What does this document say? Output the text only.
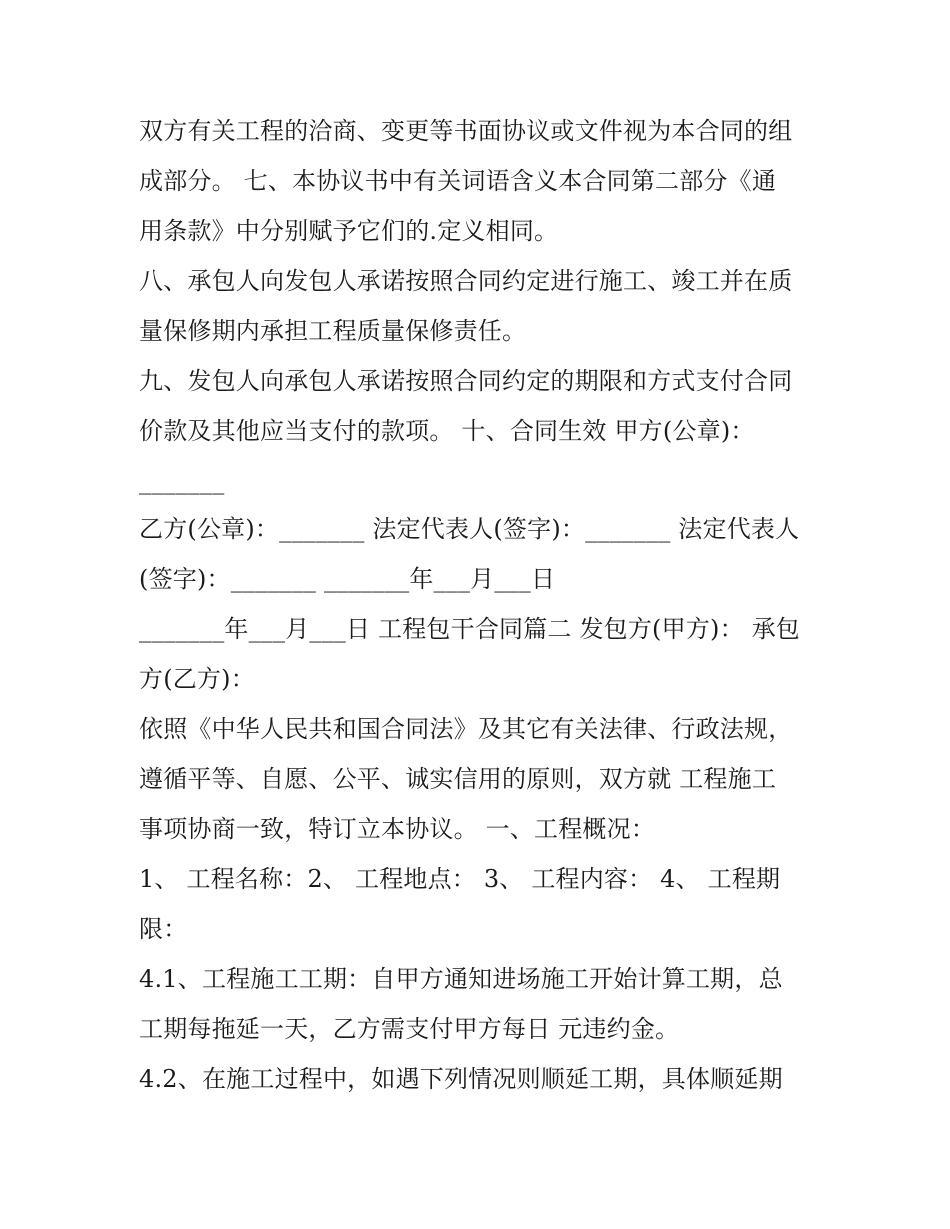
双方有关工程的洽商、变更等书面协议或文件视为本合同的组
成部分。 七、本协议书中有关词语含义本合同第二部分《通
用条款》中分别赋予它们的.定义相同。
八、承包人向发包人承诺按照合同约定进行施工、竣工并在质
量保修期内承担工程质量保修责任。
九、发包人向承包人承诺按照合同约定的期限和方式支付合同
价款及其他应当支付的款项。 十、合同生效 甲方(公章)：
_______
乙方(公章)：_______ 法定代表人(签字)：_______ 法定代表人
(签字)：_______ _______年___月___日
_______年___月___日 工程包干合同篇二 发包方(甲方)： 承包
方(乙方)：
依照《中华人民共和国合同法》及其它有关法律、行政法规，
遵循平等、自愿、公平、诚实信用的原则，双方就 工程施工
事项协商一致，特订立本协议。 一、工程概况：
1、 工程名称：2、 工程地点： 3、 工程内容： 4、 工程期
限：
4.1、工程施工工期：自甲方通知进场施工开始计算工期，总
工期每拖延一天，乙方需支付甲方每日 元违约金。
4.2、在施工过程中，如遇下列情况则顺延工期，具体顺延期
